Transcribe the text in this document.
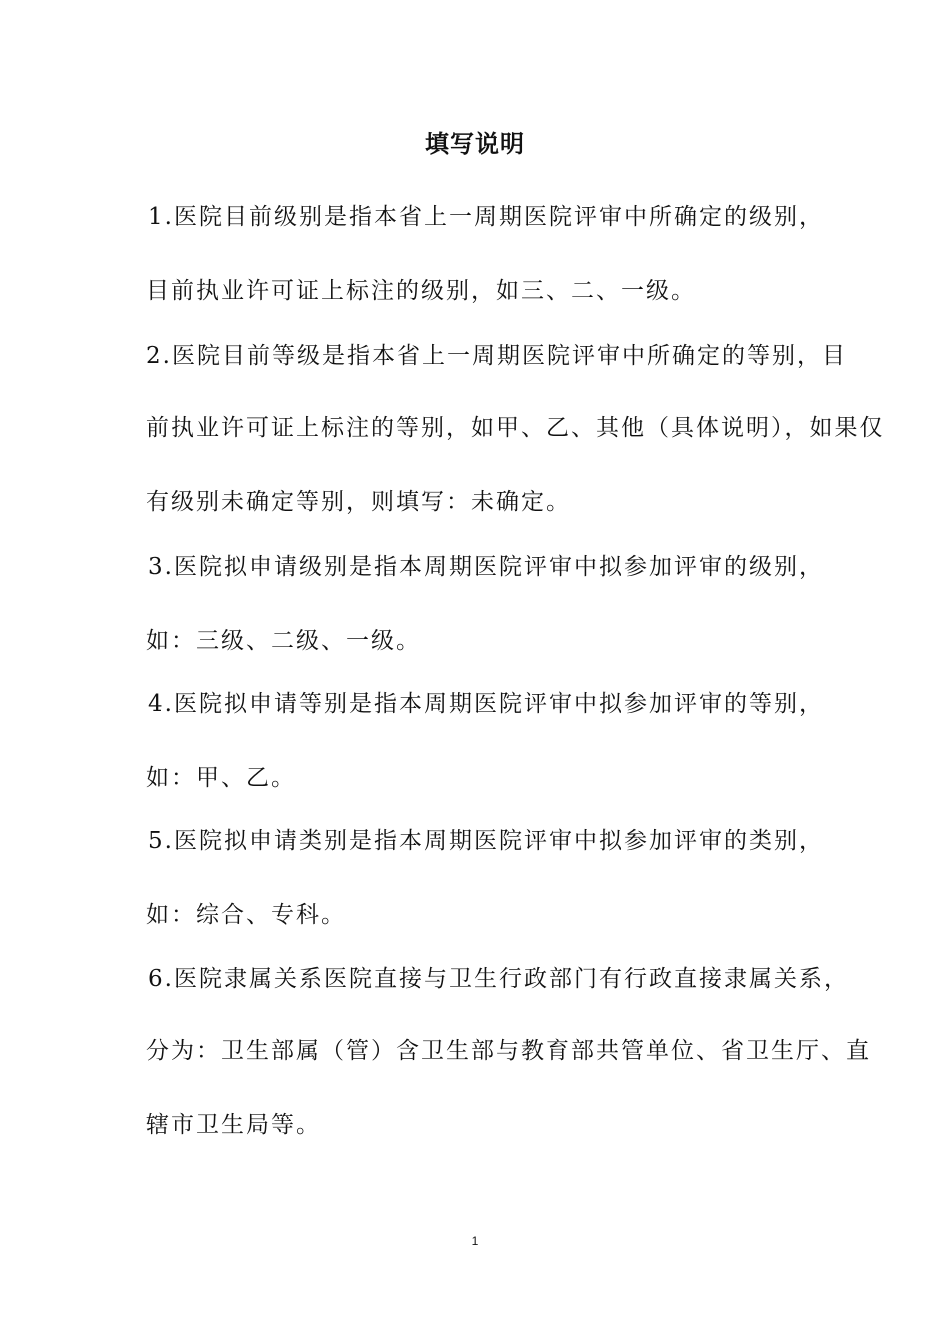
填写说明
1.医院目前级别是指本省上一周期医院评审中所确定的级别，
目前执业许可证上标注的级别，如三、二、一级。
2.医院目前等级是指本省上一周期医院评审中所确定的等别，目
前执业许可证上标注的等别，如甲、乙、其他（具体说明），如果仅
有级别未确定等别，则填写：未确定。
3.医院拟申请级别是指本周期医院评审中拟参加评审的级别，
如：三级、二级、一级。
4.医院拟申请等别是指本周期医院评审中拟参加评审的等别，
如：甲、乙。
5.医院拟申请类别是指本周期医院评审中拟参加评审的类别，
如：综合、专科。
6.医院隶属关系医院直接与卫生行政部门有行政直接隶属关系，
分为：卫生部属（管）含卫生部与教育部共管单位、省卫生厅、直
辖市卫生局等。
1
